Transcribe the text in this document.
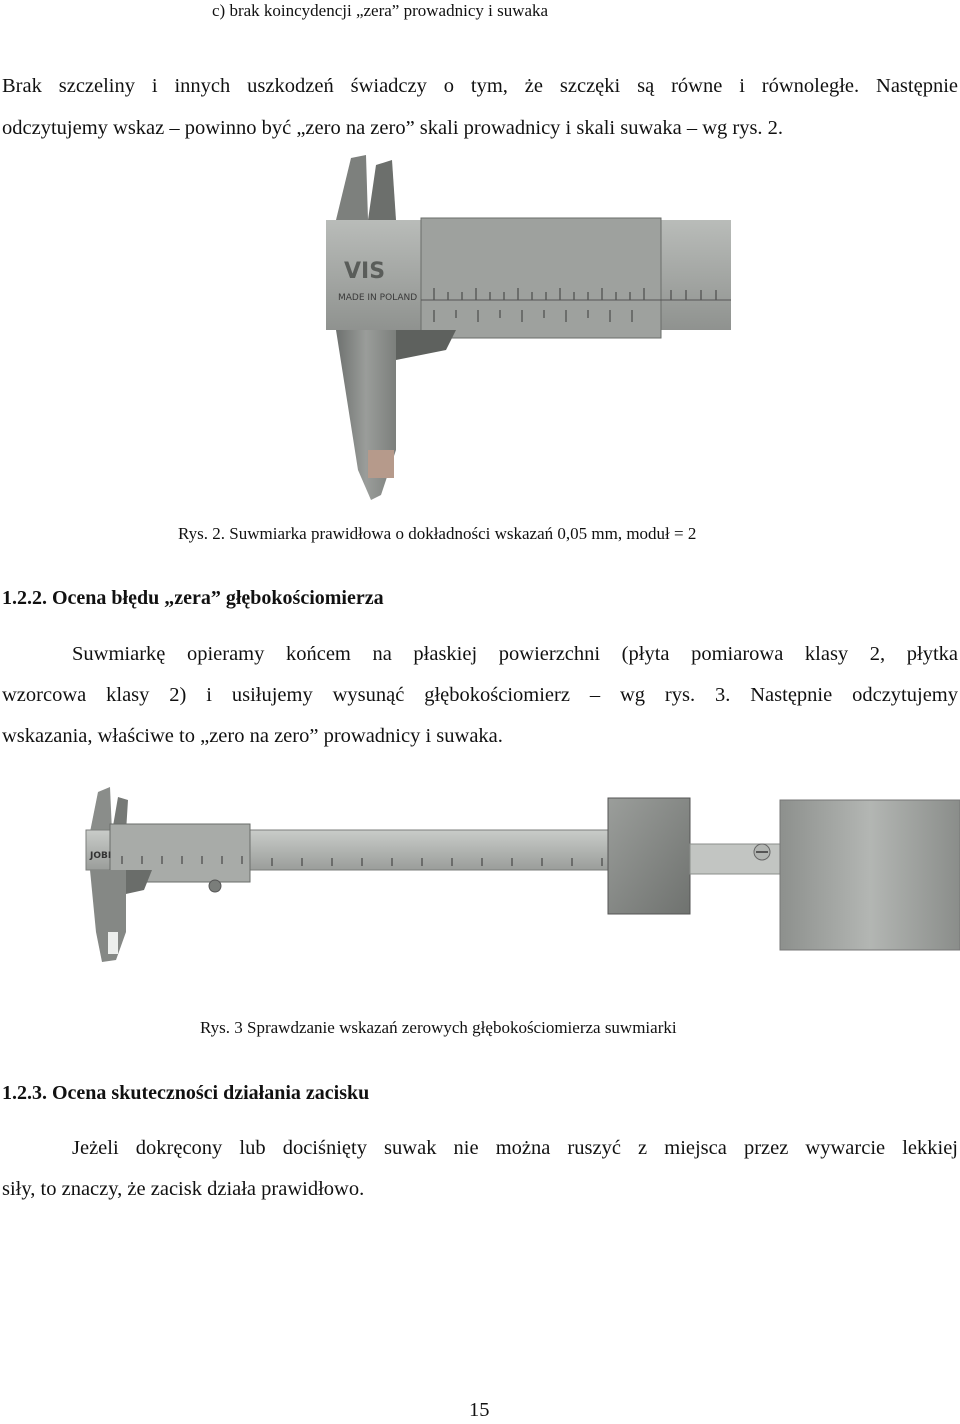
c) brak koincydencji „zera” prowadnicy i suwaka
Brak szczeliny i innych uszkodzeń świadczy o tym, że szczęki są równe i równoległe. Następnie
odczytujemy wskaz – powinno być „zero na zero” skali prowadnicy i skali suwaka – wg rys. 2.
VIS
MADE IN POLAND
Rys. 2. Suwmiarka prawidłowa o dokładności wskazań 0,05 mm, moduł = 2
1.2.2. Ocena błędu „zera” głębokościomierza
Suwmiarkę opieramy końcem na płaskiej powierzchni (płyta pomiarowa klasy 2, płytka
wzorcowa klasy 2) i usiłujemy wysunąć głębokościomierz – wg rys. 3. Następnie odczytujemy
wskazania, właściwe to „zero na zero” prowadnicy i suwaka.
JOBI
Rys. 3 Sprawdzanie wskazań zerowych głębokościomierza suwmiarki
1.2.3. Ocena skuteczności działania zacisku
Jeżeli dokręcony lub dociśnięty suwak nie można ruszyć z miejsca przez wywarcie lekkiej
siły, to znaczy, że zacisk działa prawidłowo.
15
